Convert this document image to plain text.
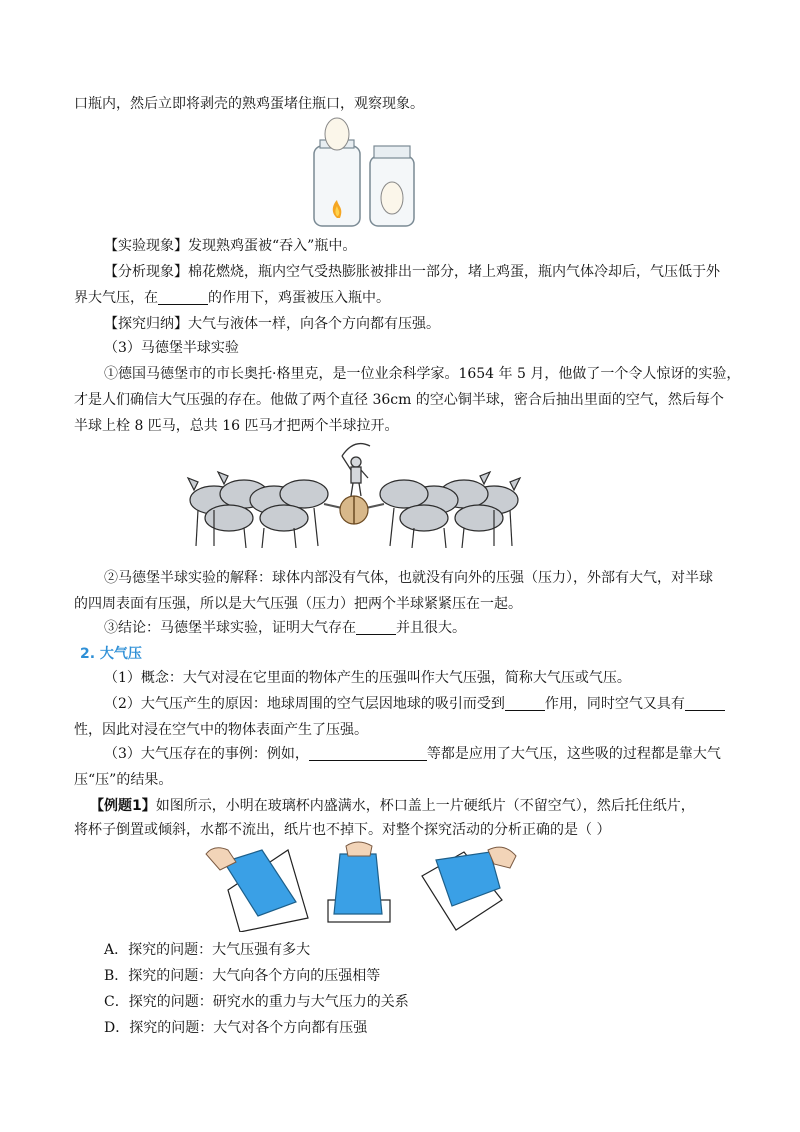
口瓶内，然后立即将剥壳的熟鸡蛋堵住瓶口，观察现象。
【实验现象】发现熟鸡蛋被“吞入”瓶中。
【分析现象】棉花燃烧，瓶内空气受热膨胀被排出一部分，堵上鸡蛋，瓶内气体冷却后，气压低于外
界大气压，在	的作用下，鸡蛋被压入瓶中。
【探究归纳】大气与液体一样，向各个方向都有压强。
（3）马德堡半球实验
①德国马德堡市的市长奥托·格里克，是一位业余科学家。1654 年 5 月，他做了一个令人惊讶的实验，
才是人们确信大气压强的存在。他做了两个直径 36cm 的空心铜半球，密合后抽出里面的空气，然后每个
半球上栓 8 匹马，总共 16 匹马才把两个半球拉开。
②马德堡半球实验的解释：球体内部没有气体，也就没有向外的压强（压力），外部有大气，对半球
的四周表面有压强，所以是大气压强（压力）把两个半球紧紧压在一起。
③结论：马德堡半球实验，证明大气存在	并且很大。
2. 大气压
（1）概念：大气对浸在它里面的物体产生的压强叫作大气压强，简称大气压或气压。
（2）大气压产生的原因：地球周围的空气层因地球的吸引而受到	作用，同时空气又具有
性，因此对浸在空气中的物体表面产生了压强。
（3）大气压存在的事例：例如，	等都是应用了大气压，这些吸的过程都是靠大气
压“压”的结果。
【例题1】如图所示，小明在玻璃杯内盛满水，杯口盖上一片硬纸片（不留空气），然后托住纸片，
将杯子倒置或倾斜，水都不流出，纸片也不掉下。对整个探究活动的分析正确的是（ ）
A．探究的问题：大气压强有多大
B．探究的问题：大气向各个方向的压强相等
C．探究的问题：研究水的重力与大气压力的关系
D．探究的问题：大气对各个方向都有压强
